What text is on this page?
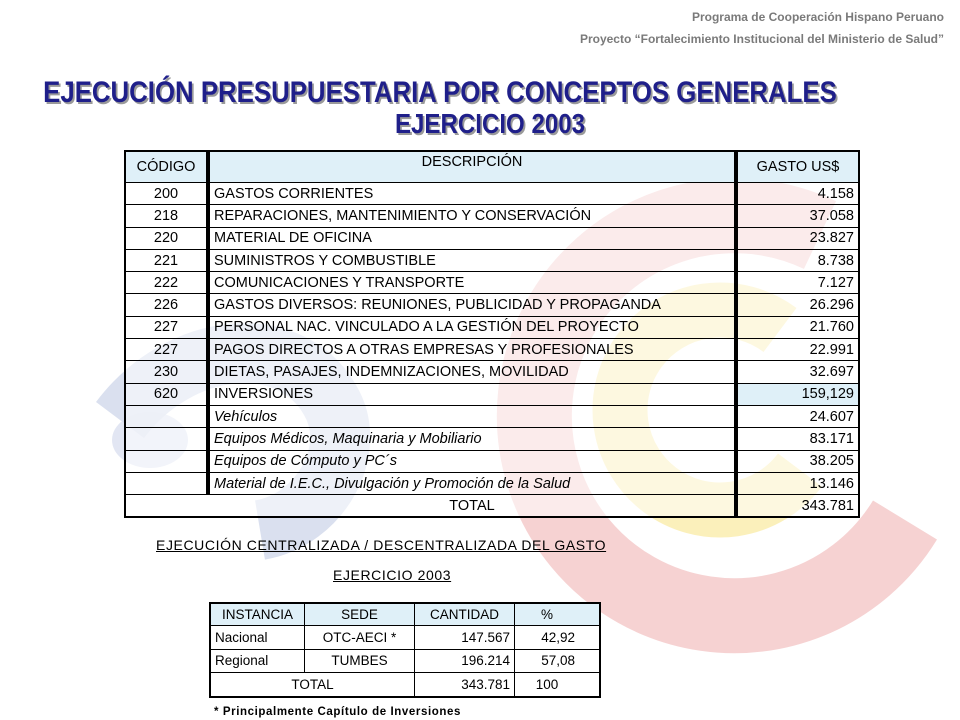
Programa de Cooperación Hispano Peruano
Proyecto “Fortalecimiento Institucional del Ministerio de Salud”
EJECUCIÓN PRESUPUESTARIA POR CONCEPTOS GENERALES
EJERCICIO 2003
CÓDIGO	DESCRIPCIÓN	GASTO US$
200	GASTOS CORRIENTES	4.158
218	REPARACIONES, MANTENIMIENTO Y CONSERVACIÓN	37.058
220	MATERIAL DE OFICINA	23.827
221	SUMINISTROS Y COMBUSTIBLE	8.738
222	COMUNICACIONES Y TRANSPORTE	7.127
226	GASTOS DIVERSOS: REUNIONES, PUBLICIDAD Y PROPAGANDA	26.296
227	PERSONAL NAC. VINCULADO A LA GESTIÓN DEL PROYECTO	21.760
227	PAGOS DIRECTOS A OTRAS EMPRESAS Y PROFESIONALES	22.991
230	DIETAS, PASAJES, INDEMNIZACIONES, MOVILIDAD	32.697
620	INVERSIONES	159,129
	Vehículos	24.607
	Equipos Médicos, Maquinaria y Mobiliario	83.171
	Equipos de Cómputo y PC´s	38.205
	Material de I.E.C., Divulgación y Promoción de la Salud	13.146
	TOTAL	343.781
EJECUCIÓN CENTRALIZADA / DESCENTRALIZADA DEL GASTO
EJERCICIO 2003
INSTANCIA	SEDE	CANTIDAD	%
Nacional	OTC-AECI *	147.567	42,92
Regional	TUMBES	196.214	57,08
TOTAL		343.781	100
* Principalmente Capítulo de Inversiones
